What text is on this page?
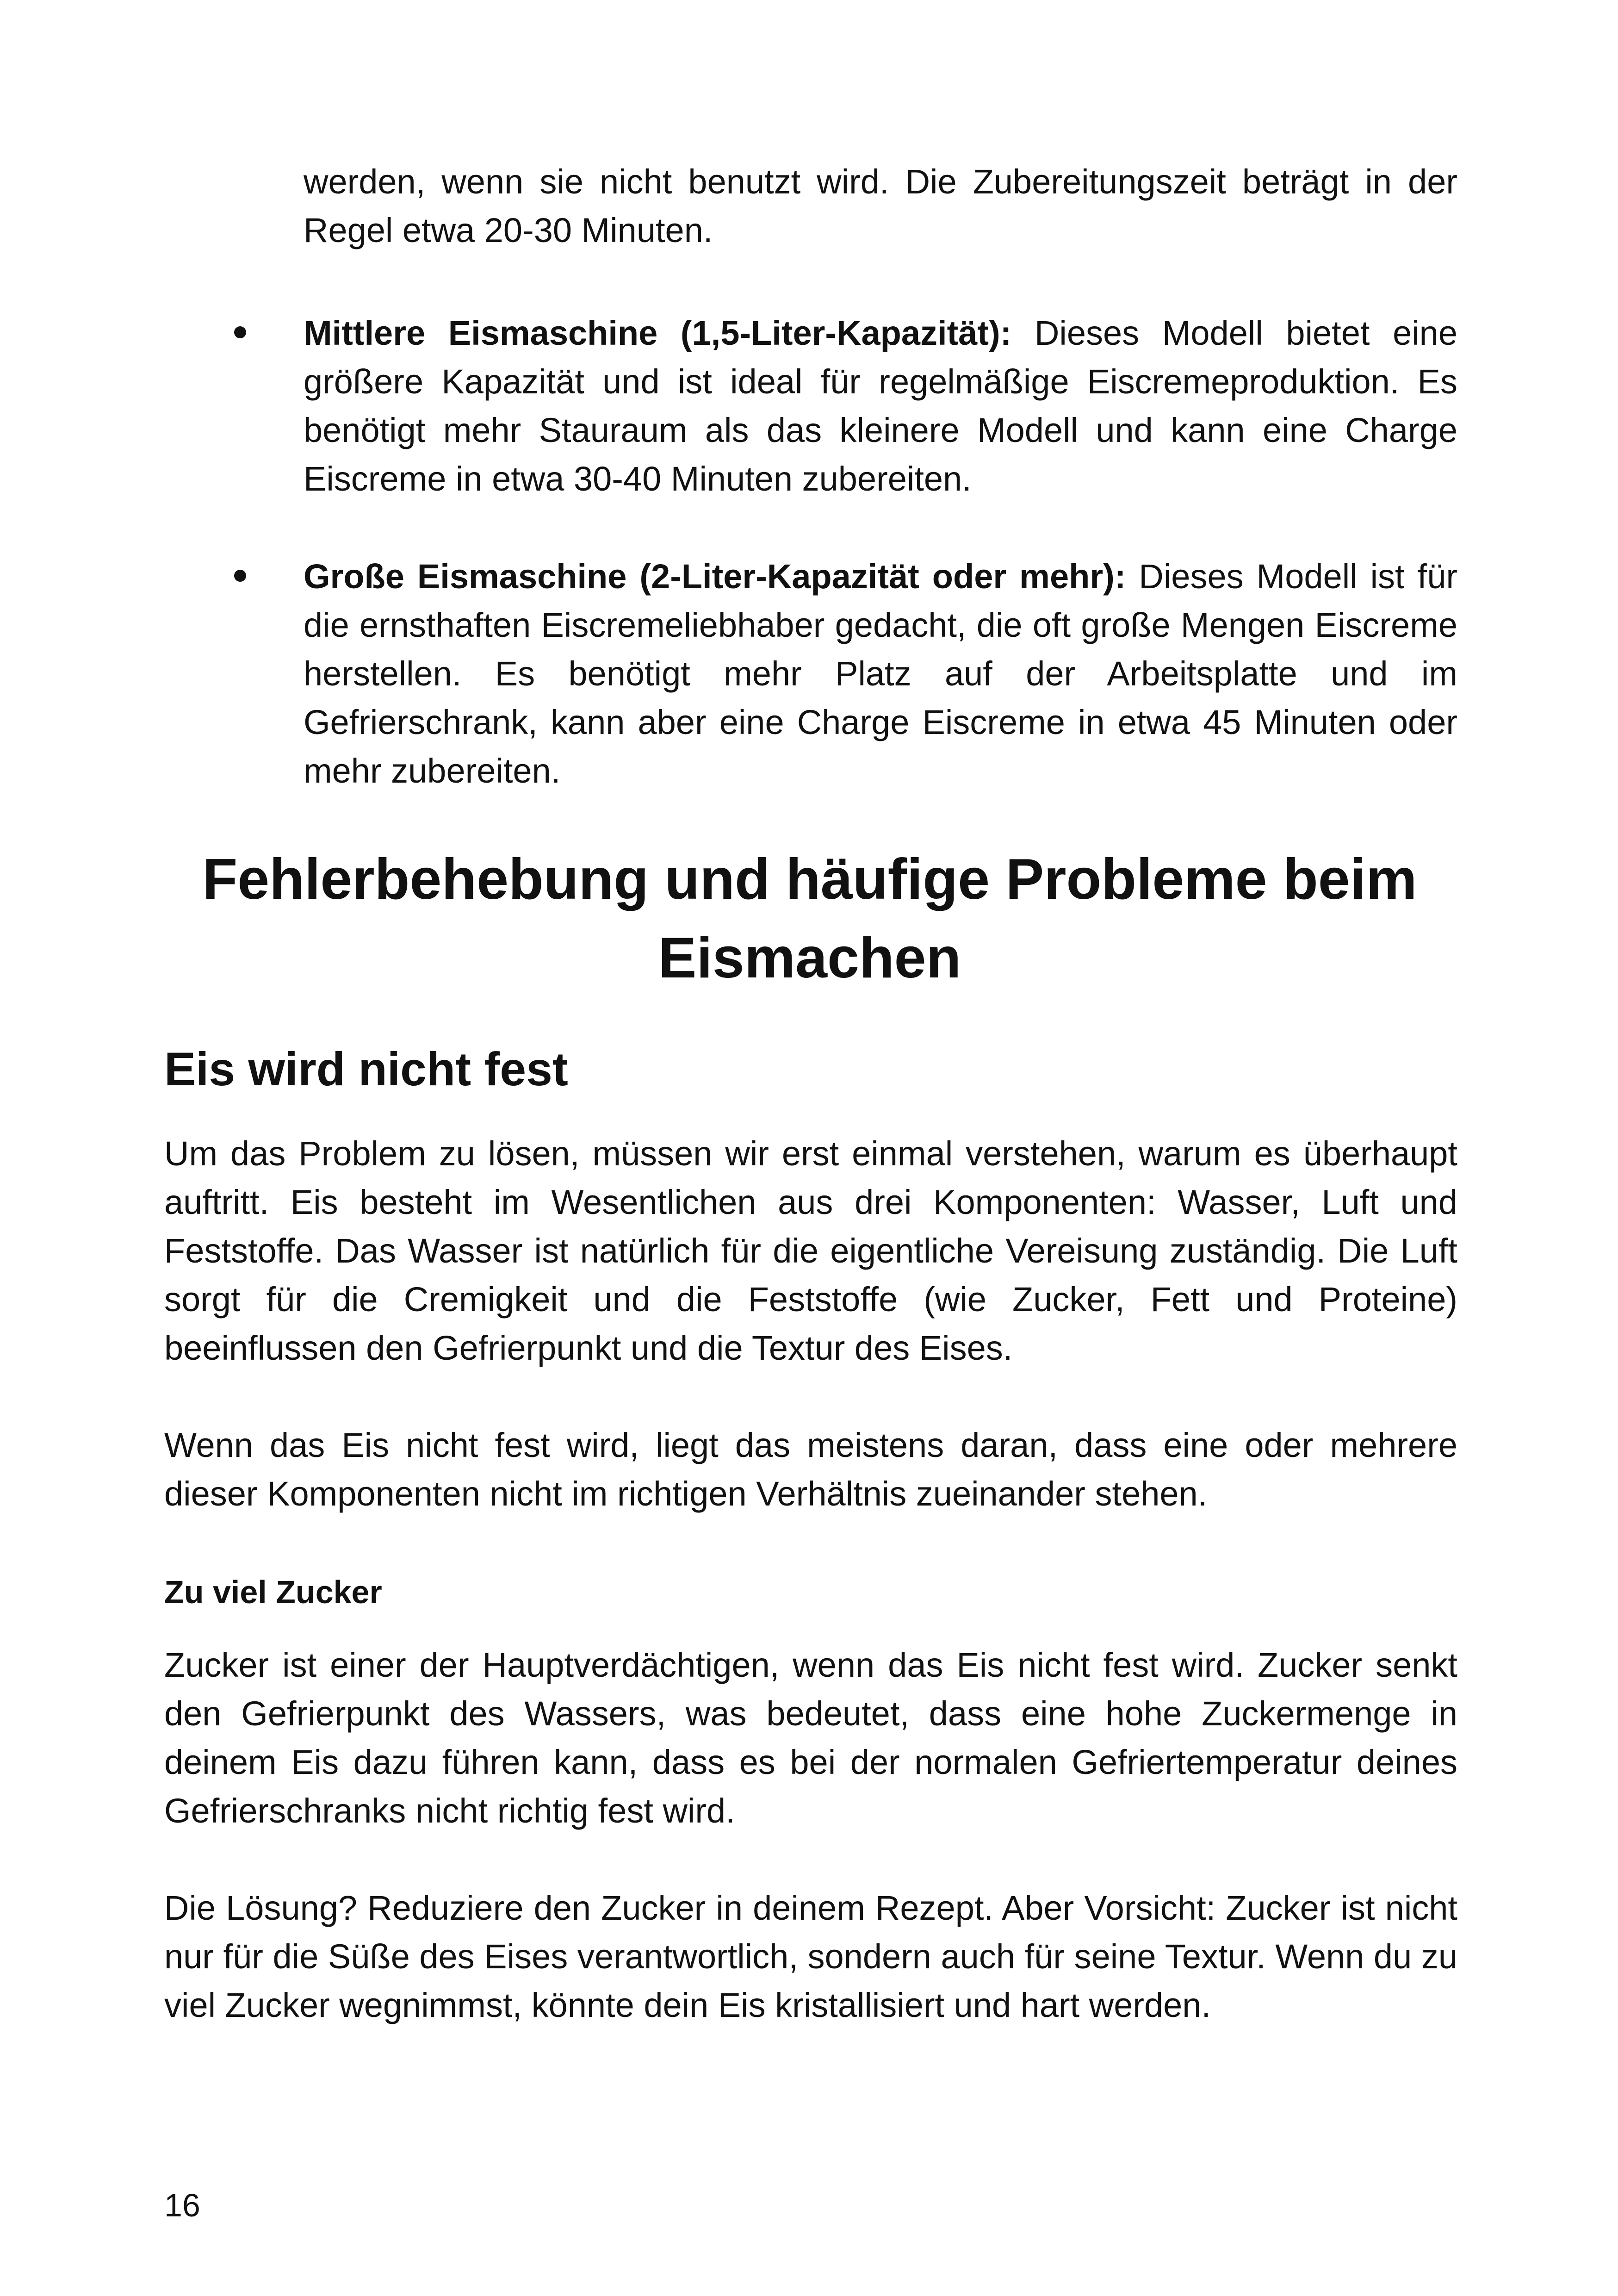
werden, wenn sie nicht benutzt wird. Die Zubereitungszeit beträgt in der Regel etwa 20-30 Minuten.

Mittlere Eismaschine (1,5-Liter-Kapazität): Dieses Modell bietet eine größere Kapazität und ist ideal für regelmäßige Eiscremeproduktion. Es benötigt mehr Stauraum als das kleinere Modell und kann eine Charge Eiscreme in etwa 30-40 Minuten zubereiten.
Große Eismaschine (2-Liter-Kapazität oder mehr): Dieses Modell ist für die ernsthaften Eiscremeliebhaber gedacht, die oft große Mengen Eiscreme herstellen. Es benötigt mehr Platz auf der Arbeitsplatte und im Gefrierschrank, kann aber eine Charge Eiscreme in etwa 45 Minuten oder mehr zubereiten.
Fehlerbehebung und häufige Probleme beim Eismachen
Eis wird nicht fest

Um das Problem zu lösen, müssen wir erst einmal verstehen, warum es überhaupt auftritt. Eis besteht im Wesentlichen aus drei Komponenten: Wasser, Luft und Feststoffe. Das Wasser ist natürlich für die eigentliche Vereisung zuständig. Die Luft sorgt für die Cremigkeit und die Feststoffe (wie Zucker, Fett und Proteine) beeinflussen den Gefrierpunkt und die Textur des Eises.

Wenn das Eis nicht fest wird, liegt das meistens daran, dass eine oder mehrere dieser Komponenten nicht im richtigen Verhältnis zueinander stehen.

Zu viel Zucker

Zucker ist einer der Hauptverdächtigen, wenn das Eis nicht fest wird. Zucker senkt den Gefrierpunkt des Wassers, was bedeutet, dass eine hohe Zuckermenge in deinem Eis dazu führen kann, dass es bei der normalen Gefriertemperatur deines Gefrierschranks nicht richtig fest wird.

Die Lösung? Reduziere den Zucker in deinem Rezept. Aber Vorsicht: Zucker ist nicht nur für die Süße des Eises verantwortlich, sondern auch für seine Textur. Wenn du zu viel Zucker wegnimmst, könnte dein Eis kristallisiert und hart werden.

16
